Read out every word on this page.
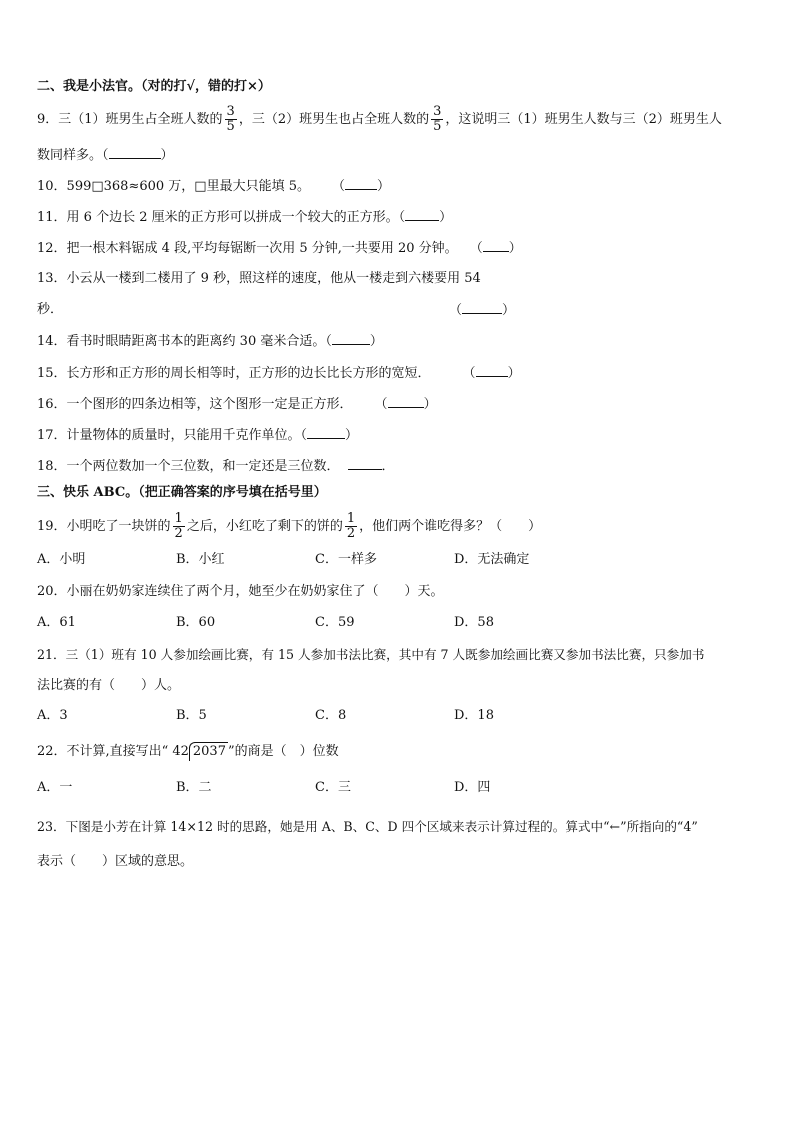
二、我是小法官。（对的打√，错的打×）
9．三（1）班男生占全班人数的 $\frac{3}{5}$ ，三（2）班男生也占全班人数的 $\frac{3}{5}$ ，这说明三（1）班男生人数与三（2）班男生人
数同样多。（	）
10．599□368≈600 万，□里最大只能填 5。 （ ）
11．用 6 个边长 2 厘米的正方形可以拼成一个较大的正方形。（	）
12．把一根木料锯成 4 段,平均每锯断一次用 5 分钟,一共要用 20 分钟。 （ ）
13．小云从一楼到二楼用了 9 秒，照这样的速度，他从一楼走到六楼要用 54
秒．	（	）
14．看书时眼睛距离书本的距离约 30 毫米合适。（	）
15．长方形和正方形的周长相等时，正方形的边长比长方形的宽短． （ ）
16．一个图形的四条边相等，这个图形一定是正方形． （	）
17．计量物体的质量时，只能用千克作单位。（	）
18．一个两位数加一个三位数，和一定还是三位数．	．
三、快乐 ABC。（把正确答案的序号填在括号里）
19．小明吃了一块饼的 $\frac{1}{2}$ 之后，小红吃了剩下的饼的 $\frac{1}{2}$ ，他们两个谁吃得多？（　　）
A．小明	B．小红	C．一样多	D．无法确定
20．小丽在奶奶家连续住了两个月，她至少在奶奶家住了（　　）天。
A．61	B．60	C．59	D．58
21．三（1）班有 10 人参加绘画比赛，有 15 人参加书法比赛，其中有 7 人既参加绘画比赛又参加书法比赛，只参加书
法比赛的有（　　）人。
A．3	B．5	C．8	D．18
22．不计算,直接写出“ 42 2037 ”的商是（　）位数
A．一	B．二	C．三	D．四
23．下图是小芳在计算 14×12 时的思路，她是用 A、B、C、D 四个区域来表示计算过程的。算式中“←”所指向的“4”
表示（　　）区域的意思。
